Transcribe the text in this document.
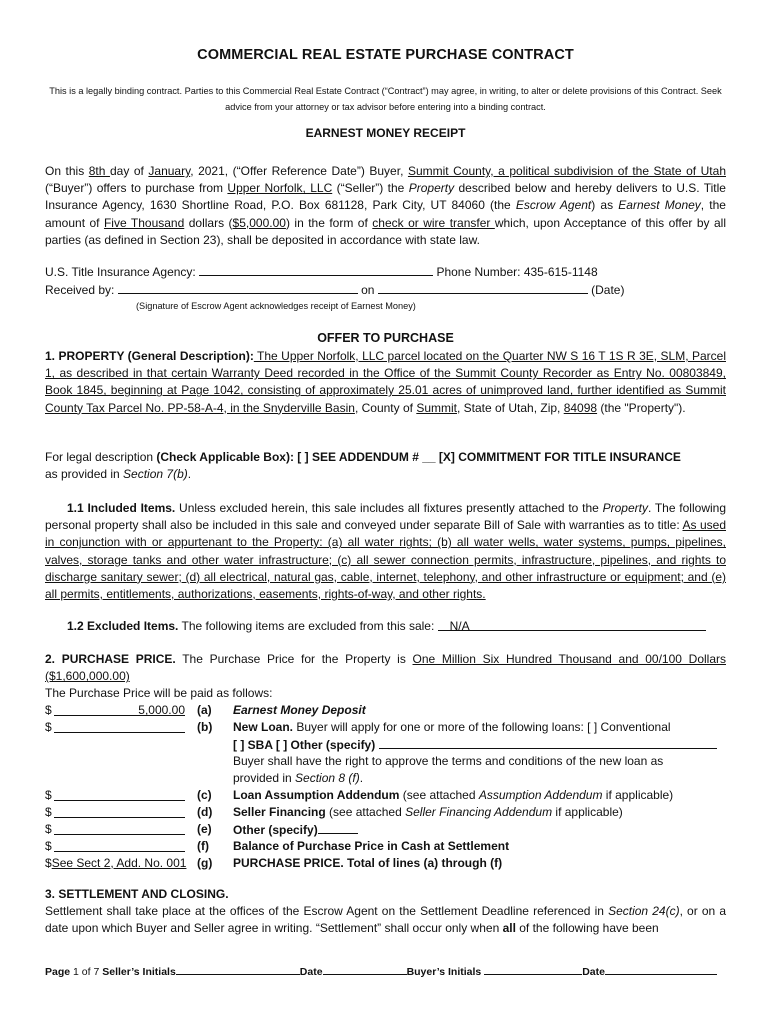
COMMERCIAL REAL ESTATE PURCHASE CONTRACT
This is a legally binding contract. Parties to this Commercial Real Estate Contract (“Contract”) may agree, in writing, to alter or delete provisions of this Contract. Seek advice from your attorney or tax advisor before entering into a binding contract.
EARNEST MONEY RECEIPT
On this 8th day of January, 2021, (“Offer Reference Date”) Buyer, Summit County, a political subdivision of the State of Utah (“Buyer”) offers to purchase from Upper Norfolk, LLC (“Seller”) the Property described below and hereby delivers to U.S. Title Insurance Agency, 1630 Shortline Road, P.O. Box 681128, Park City, UT 84060 (the Escrow Agent) as Earnest Money, the amount of Five Thousand dollars ($5,000.00) in the form of check or wire transfer which, upon Acceptance of this offer by all parties (as defined in Section 23), shall be deposited in accordance with state law.
U.S. Title Insurance Agency:	Phone Number: 435-615-1148
Received by:	on	(Date)
(Signature of Escrow Agent acknowledges receipt of Earnest Money)
OFFER TO PURCHASE
1. PROPERTY (General Description): The Upper Norfolk, LLC parcel located on the Quarter NW S 16 T 1S R 3E, SLM, Parcel 1, as described in that certain Warranty Deed recorded in the Office of the Summit County Recorder as Entry No. 00803849, Book 1845, beginning at Page 1042, consisting of approximately 25.01 acres of unimproved land, further identified as Summit County Tax Parcel No. PP-58-A-4, in the Snyderville Basin, County of Summit, State of Utah, Zip, 84098 (the "Property").
For legal description (Check Applicable Box): [ ] SEE ADDENDUM # __ [X] COMMITMENT FOR TITLE INSURANCE
as provided in Section 7(b).
1.1 Included Items. Unless excluded herein, this sale includes all fixtures presently attached to the Property. The following personal property shall also be included in this sale and conveyed under separate Bill of Sale with warranties as to title: As used in conjunction with or appurtenant to the Property: (a) all water rights; (b) all water wells, water systems, pumps, pipelines, valves, storage tanks and other water infrastructure; (c) all sewer connection permits, infrastructure, pipelines, and rights to discharge sanitary sewer; (d) all electrical, natural gas, cable, internet, telephony, and other infrastructure or equipment; and (e) all permits, entitlements, authorizations, easements, rights-of-way, and other rights.
1.2 Excluded Items. The following items are excluded from this sale: N/A
2. PURCHASE PRICE. The Purchase Price for the Property is One Million Six Hundred Thousand and 00/100 Dollars ($1,600,000.00)
The Purchase Price will be paid as follows:
$	5,000.00 (a) Earnest Money Deposit
$	(b) New Loan. Buyer will apply for one or more of the following loans: [ ] Conventional
[ ] SBA [ ] Other (specify)
Buyer shall have the right to approve the terms and conditions of the new loan as
provided in Section 8 (f).
$	(c) Loan Assumption Addendum (see attached Assumption Addendum if applicable)
$	(d) Seller Financing (see attached Seller Financing Addendum if applicable)
$	(e) Other (specify)
$	(f) Balance of Purchase Price in Cash at Settlement
$See Sect 2, Add. No. 001 (g) PURCHASE PRICE. Total of lines (a) through (f)
3. SETTLEMENT AND CLOSING.
Settlement shall take place at the offices of the Escrow Agent on the Settlement Deadline referenced in Section 24(c), or on a date upon which Buyer and Seller agree in writing. “Settlement” shall occur only when all of the following have been
Page 1 of 7 Seller’s Initials	Date	Buyer’s Initials	Date
